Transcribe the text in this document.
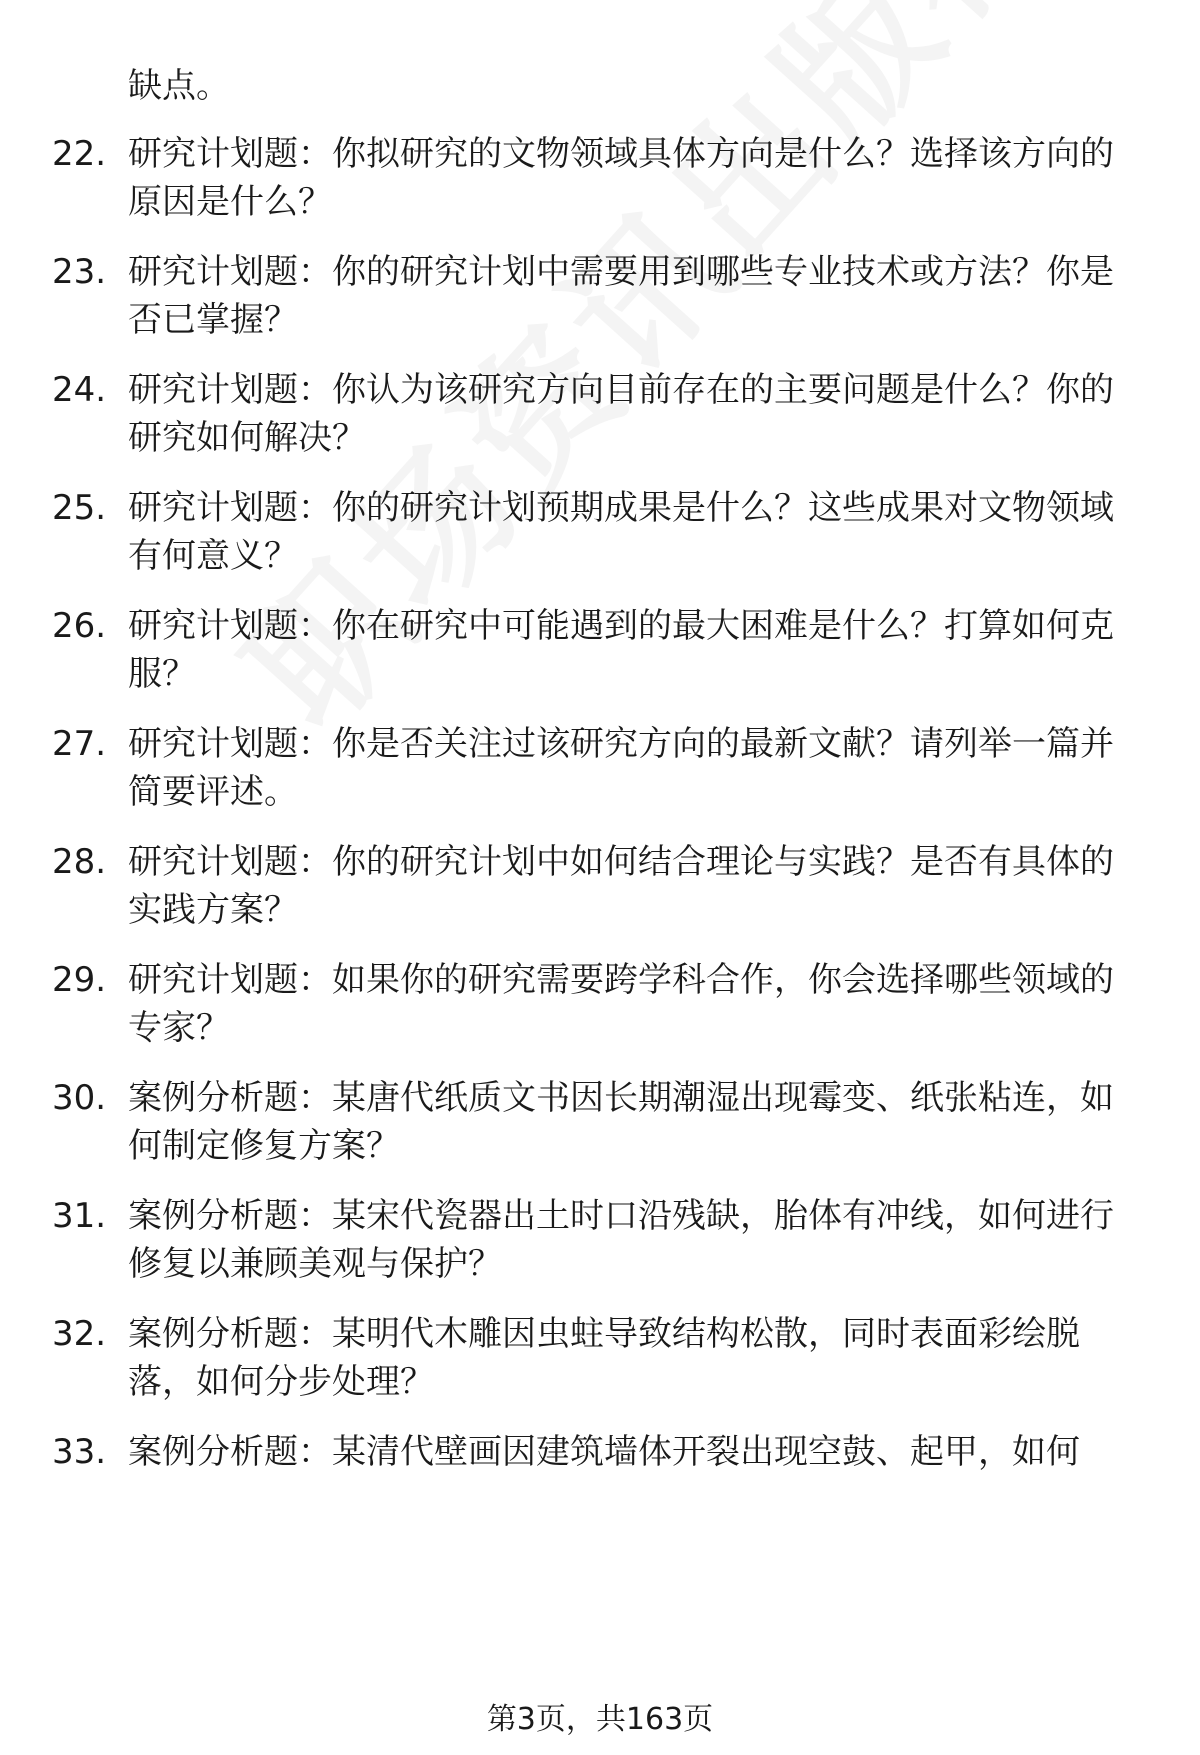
缺点。

22. 研究计划题：你拟研究的文物领域具体方向是什么？选择该方向的原因是什么？
23. 研究计划题：你的研究计划中需要用到哪些专业技术或方法？你是否已掌握？
24. 研究计划题：你认为该研究方向目前存在的主要问题是什么？你的研究如何解决？
25. 研究计划题：你的研究计划预期成果是什么？这些成果对文物领域有何意义？
26. 研究计划题：你在研究中可能遇到的最大困难是什么？打算如何克服？
27. 研究计划题：你是否关注过该研究方向的最新文献？请列举一篇并简要评述。
28. 研究计划题：你的研究计划中如何结合理论与实践？是否有具体的实践方案？
29. 研究计划题：如果你的研究需要跨学科合作，你会选择哪些领域的专家？
30. 案例分析题：某唐代纸质文书因长期潮湿出现霉变、纸张粘连，如何制定修复方案？
31. 案例分析题：某宋代瓷器出土时口沿残缺，胎体有冲线，如何进行修复以兼顾美观与保护？
32. 案例分析题：某明代木雕因虫蛀导致结构松散，同时表面彩绘脱落，如何分步处理？
33. 案例分析题：某清代壁画因建筑墙体开裂出现空鼓、起甲，如何
第3页，共163页
